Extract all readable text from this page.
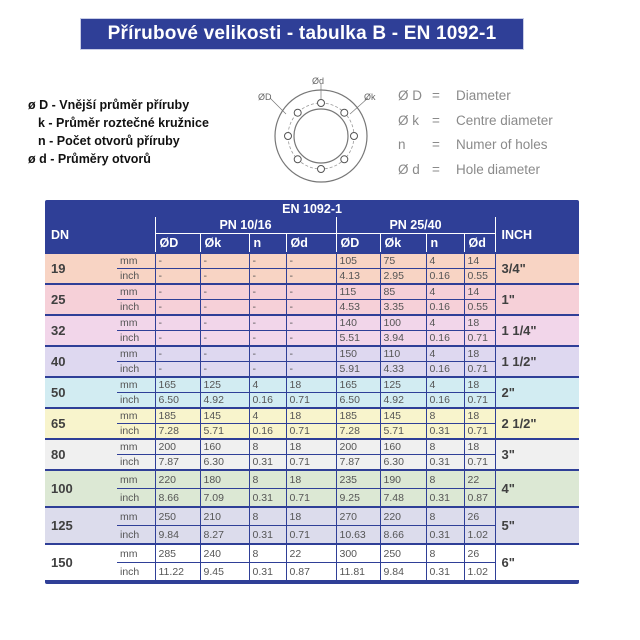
Přírubové velikosti - tabulka B - EN 1092-1
ø D - Vnější průměr příruby
k - Průměr roztečné kružnice
n - Počet otvorů příruby
ø d - Průměry otvorů
Ød
ØD	Øk Ø D = Diameter
Ø k = Centre diameter
n = Numer of holes
Ø d = Hole diameter
EN 1092-1										
DN		PN 10/16				PN 25/40				INCH
		ØD	Øk	n	Ød	ØD	Øk	n	Ød	
19	mm	-	-	-	-	105	75	4	14	3/4"
	inch	-	-	-	-	4.13	2.95	0.16	0.55	
25	mm	-	-	-	-	115	85	4	14	1"
	inch	-	-	-	-	4.53	3.35	0.16	0.55	
32	mm	-	-	-	-	140	100	4	18	1 1/4"
	inch	-	-	-	-	5.51	3.94	0.16	0.71	
40	mm	-	-	-	-	150	110	4	18	1 1/2"
	inch	-	-	-	-	5.91	4.33	0.16	0.71	
50	mm	165	125	4	18	165	125	4	18	2"
	inch	6.50	4.92	0.16	0.71	6.50	4.92	0.16	0.71	
65	mm	185	145	4	18	185	145	8	18	2 1/2"
	inch	7.28	5.71	0.16	0.71	7.28	5.71	0.31	0.71	
80	mm	200	160	8	18	200	160	8	18	3"
	inch	7.87	6.30	0.31	0.71	7.87	6.30	0.31	0.71	
100	mm	220	180	8	18	235	190	8	22	4"
	inch	8.66	7.09	0.31	0.71	9.25	7.48	0.31	0.87	
125	mm	250	210	8	18	270	220	8	26	5"
	inch	9.84	8.27	0.31	0.71	10.63	8.66	0.31	1.02	
150	mm	285	240	8	22	300	250	8	26	6"
	inch	11.22	9.45	0.31	0.87	11.81	9.84	0.31	1.02	
